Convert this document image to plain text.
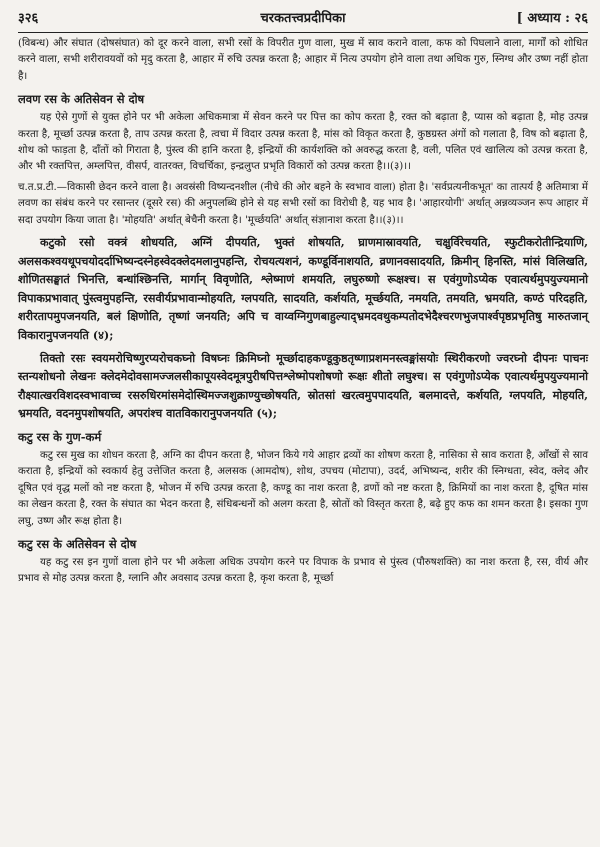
३२६	चरकतत्त्वप्रदीपिका	[ अध्याय : २६

(विबन्ध) और संघात (दोषसंघात) को दूर करने वाला, सभी रसों के विपरीत गुण वाला, मुख में स्राव कराने वाला, कफ को पिघलाने वाला, मार्गों को शोधित करने वाला, सभी शरीरावयवों को मृदु करता है, आहार में रुचि उत्पन्न करता है; आहार में नित्य उपयोग होने वाला तथा अधिक गुरु, स्निग्ध और उष्ण नहीं होता है।

लवण रस के अतिसेवन से दोष

यह ऐसे गुणों से युक्त होने पर भी अकेला अधिकमात्रा में सेवन करने पर पित्त का कोप करता है, रक्त को बढ़ाता है, प्यास को बढ़ाता है, मोह उत्पन्न करता है, मूर्च्छा उत्पन्न करता है, ताप उत्पन्न करता है, त्वचा में विदार उत्पन्न करता है, मांस को विकृत करता है, कुष्ठग्रस्त अंगों को गलाता है, विष को बढ़ाता है, शोथ को फाड़ता है, दाँतों को गिराता है, पुंस्त्व की हानि करता है, इन्द्रियों की कार्यशक्ति को अवरुद्ध करता है, वली, पलित एवं खालित्य को उत्पन्न करता है, और भी रक्तपित्त, अम्लपित्त, वीसर्प, वातरक्त, विचर्चिका, इन्द्रलुप्त प्रभृति विकारों को उत्पन्न करता है।।(३)।।

च.त.प्र.टी.—विकासी छेदन करने वाला है। अवस्रंसी विष्यन्दनशील (नीचे की ओर बहने के स्वभाव वाला) होता है। 'सर्वप्रत्यनीकभूत' का तात्पर्य है अतिमात्रा में लवण का संबंध करने पर रसान्तर (दूसरे रस) की अनुपलब्धि होने से यह सभी रसों का विरोधी है, यह भाव है। 'आहारयोगी' अर्थात् अन्नव्यञ्जन रूप आहार में सदा उपयोग किया जाता है। 'मोहयति' अर्थात् बेचैनी करता है। 'मूर्च्छयति' अर्थात् संज्ञानाश करता है।।(३)।।

कटुको रसो वक्त्रं शोधयति, अग्निं दीपयति, भुक्तं शोषयति, घ्राणमास्रावयति, चक्षुर्विरेचयति, स्फुटीकरोतीन्द्रियाणि, अलसकश्वयथूपचयोदर्दाभिष्यन्दस्नेहस्वेदक्लेदमलानुपहन्ति, रोचयत्यशनं, कण्डूर्विनाशयति, व्रणानवसादयति, क्रिमीन् हिनस्ति, मांसं विलिखति, शोणितसङ्घातं भिनत्ति, बन्धांश्छिनत्ति, मार्गान् विवृणोति, श्लेष्माणं शमयति, लघुरुष्णो रूक्षश्च। स एवंगुणोऽप्येक एवात्यर्थमुपयुज्यमानो विपाकप्रभावात् पुंस्त्वमुपहन्ति, रसवीर्यप्रभावान्मोहयति, ग्लपयति, सादयति, कर्शयति, मूर्च्छयति, नमयति, तमयति, भ्रमयति, कण्ठं परिदहति, शरीरतापमुपजनयति, बलं क्षिणोति, तृष्णां जनयति; अपि च वाय्वग्निगुणबाहुल्याद्भ्रमदवथुकम्पतोदभेदैश्चरणभुजपार्श्वपृष्ठप्रभृतिषु मारुतजान् विकारानुपजनयति (४);

तिक्तो रसः स्वयमरोचिष्णुरप्यरोचकघ्नो विषघ्नः क्रिमिघ्नो मूर्च्छादाहकण्डूकुष्ठतृष्णाप्रशमनस्त्वङ्मांसयोः स्थिरीकरणो ज्वरघ्नो दीपनः पाचनः स्तन्यशोधनो लेखनः क्लेदमेदोवसामज्जलसीकापूयस्वेदमूत्रपुरीषपित्तश्लेष्मोपशोषणो रूक्षः शीतो लघुश्च। स एवंगुणोऽप्येक एवात्यर्थमुपयुज्यमानो रौक्ष्यात्खरविशदस्वभावाच्च रसरुधिरमांसमेदोस्थिमज्जशुक्राण्युच्छोषयति, स्रोतसां खरत्वमुपपादयति, बलमादत्ते, कर्शयति, ग्लपयति, मोहयति, भ्रमयति, वदनमुपशोषयति, अपरांश्च वातविकारानुपजनयति (५);

कटु रस के गुण-कर्म

कटु रस मुख का शोधन करता है, अग्नि का दीपन करता है, भोजन किये गये आहार द्रव्यों का शोषण करता है, नासिका से स्राव कराता है, आँखों से स्राव कराता है, इन्द्रियों को स्वकार्य हेतु उत्तेजित करता है, अलसक (आमदोष), शोथ, उपचय (मोटापा), उदर्द, अभिष्यन्द, शरीर की स्निग्धता, स्वेद, क्लेद और दूषित एवं वृद्ध मलों को नष्ट करता है, भोजन में रुचि उत्पन्न करता है, कण्डू का नाश करता है, व्रणों को नष्ट करता है, क्रिमियों का नाश करता है, दूषित मांस का लेखन करता है, रक्त के संघात का भेदन करता है, संधिबन्धनों को अलग करता है, स्रोतों को विस्तृत करता है, बढ़े हुए कफ का शमन करता है। इसका गुण लघु, उष्ण और रूक्ष होता है।

कटु रस के अतिसेवन से दोष

यह कटु रस इन गुणों वाला होने पर भी अकेला अधिक उपयोग करने पर विपाक के प्रभाव से पुंस्त्व (पौरुषशक्ति) का नाश करता है, रस, वीर्य और प्रभाव से मोह उत्पन्न करता है, ग्लानि और अवसाद उत्पन्न करता है, कृश करता है, मूर्च्छा
